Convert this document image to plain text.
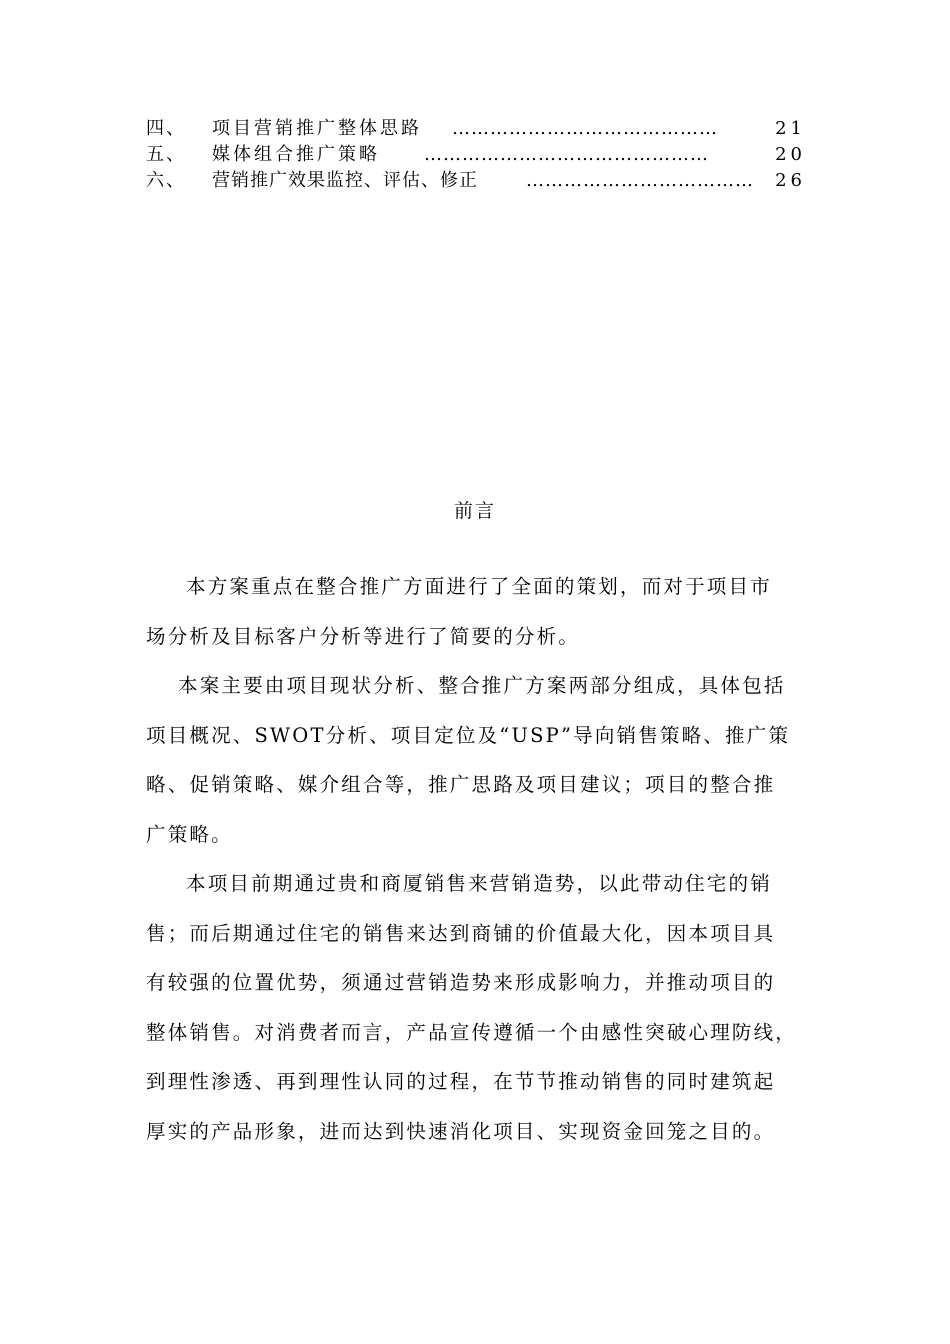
四、 项目营销推广整体思路 ……………………………………	21
五、 媒体组合推广策略 ………………………………………	20
六、 营销推广效果监控、评估、修正	……………………………… 26
前言

本方案重点在整合推广方面进行了全面的策划，而对于项目市
场分析及目标客户分析等进行了简要的分析。

本案主要由项目现状分析、整合推广方案两部分组成，具体包括
项目概况、SWOT分析、项目定位及“USP”导向销售策略、推广策
略、促销策略、媒介组合等，推广思路及项目建议；项目的整合推
广策略。

本项目前期通过贵和商厦销售来营销造势，以此带动住宅的销
售；而后期通过住宅的销售来达到商铺的价值最大化，因本项目具
有较强的位置优势，须通过营销造势来形成影响力，并推动项目的
整体销售。对消费者而言，产品宣传遵循一个由感性突破心理防线，
到理性渗透、再到理性认同的过程，在节节推动销售的同时建筑起
厚实的产品形象，进而达到快速消化项目、实现资金回笼之目的。
